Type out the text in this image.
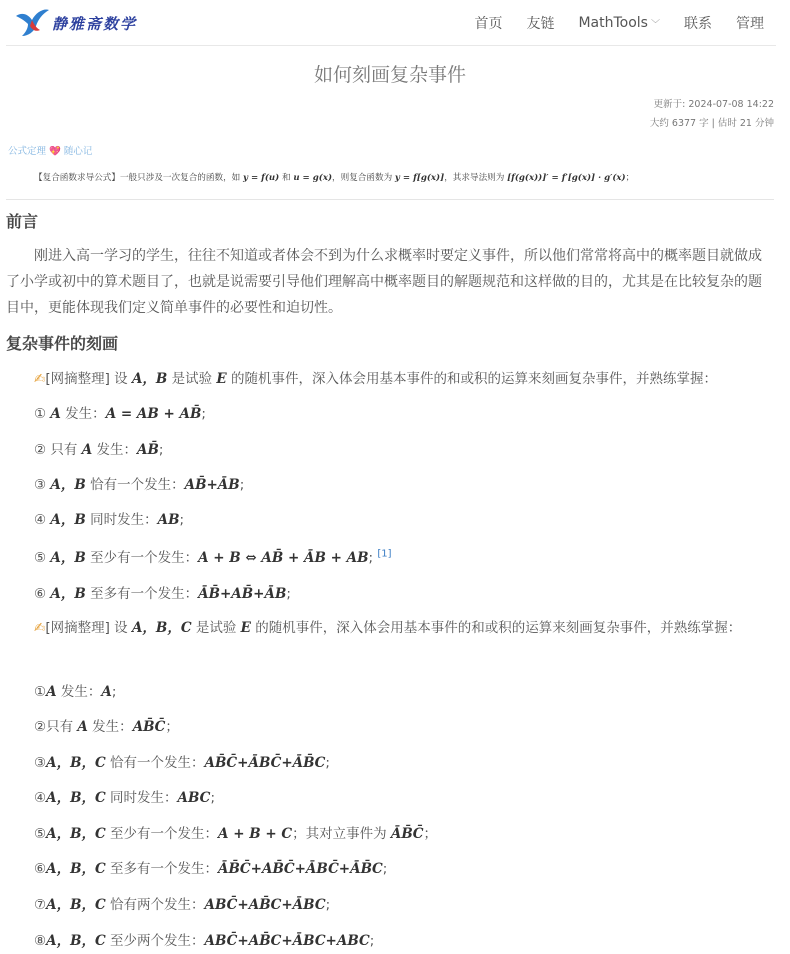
静雅斋数学	首页 友链 MathTools ﹀ 联系 管理
如何刻画复杂事件
更新于: 2024-07-08 14:22
大约 6377 字 | 估时 21 分钟
公式定理 💖 随心记
【复合函数求导公式】一般只涉及一次复合的函数，如 y = f(u) 和 u = g(x)，则复合函数为 y = f[g(x)]，其求导法则为 [f(g(x))]′ = f′[g(x)] · g′(x)；
前言
刚进入高一学习的学生，往往不知道或者体会不到为什么求概率时要定义事件，所以他们常常将高中的概率题目就做成了小学或初中的算术题目了，也就是说需要引导他们理解高中概率题目的解题规范和这样做的目的，尤其是在比较复杂的题目中，更能体现我们定义简单事件的必要性和迫切性。
复杂事件的刻画
✍[网摘整理] 设 A，B 是试验 E 的随机事件，深入体会用基本事件的和或积的运算来刻画复杂事件，并熟练掌握：
① A 发生：A = AB + AB̄;
② 只有 A 发生：AB̄;
③ A，B 恰有一个发生：AB̄+ĀB;
④ A，B 同时发生：AB;
⑤ A，B 至少有一个发生：A + B ⇔ AB̄ + ĀB + AB; [1]
⑥ A，B 至多有一个发生：ĀB̄+AB̄+ĀB;
✍[网摘整理] 设 A，B，C 是试验 E 的随机事件，深入体会用基本事件的和或积的运算来刻画复杂事件，并熟练掌握：
①A 发生：A;
②只有 A 发生：AB̄C̄；
③A，B，C 恰有一个发生：AB̄C̄+ĀBC̄+ĀB̄C;
④A，B，C 同时发生：ABC;
⑤A，B，C 至少有一个发生：A + B + C；其对立事件为 ĀB̄C̄；
⑥A，B，C 至多有一个发生：ĀB̄C̄+AB̄C̄+ĀBC̄+ĀB̄C;
⑦A，B，C 恰有两个发生：ABC̄+AB̄C+ĀBC;
⑧A，B，C 至少两个发生：ABC̄+AB̄C+ĀBC+ABC;
